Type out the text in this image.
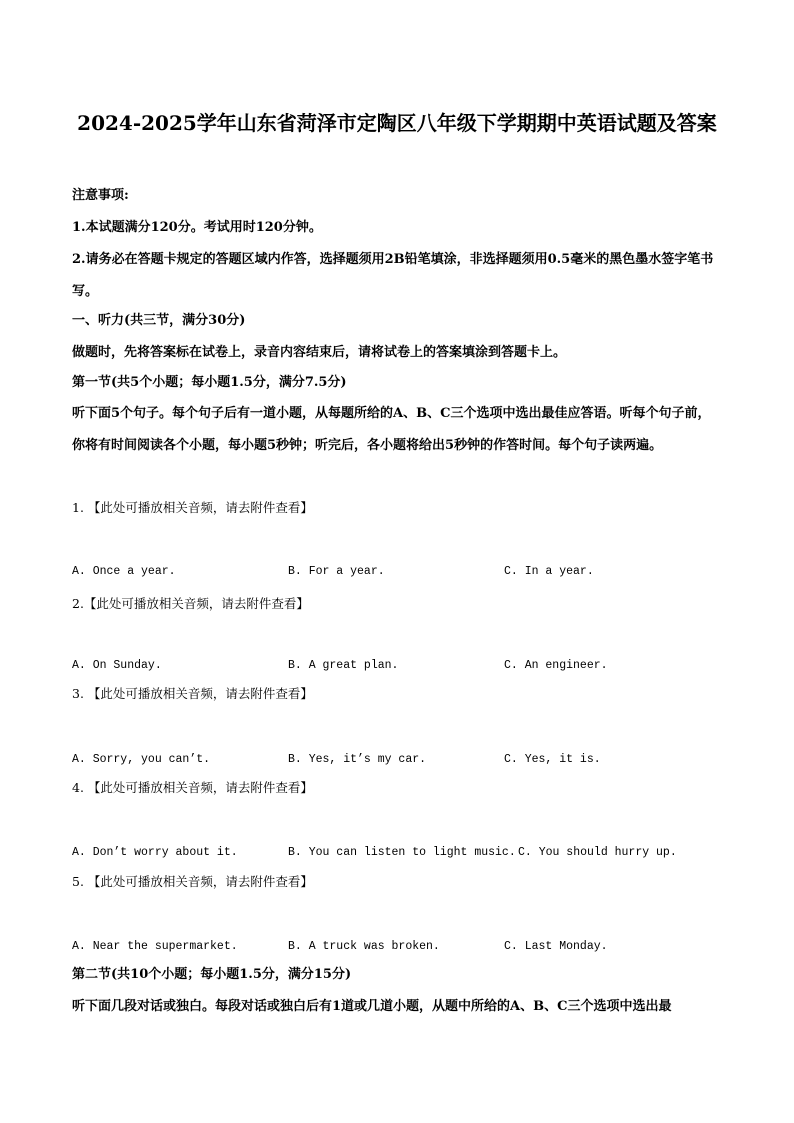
2024-2025学年山东省菏泽市定陶区八年级下学期期中英语试题及答案

注意事项:

1.本试题满分120分。考试用时120分钟。

2.请务必在答题卡规定的答题区域内作答，选择题须用2B铅笔填涂，非选择题须用0.5毫米的黑色墨水签字笔书写。

一、听力(共三节，满分30分)

做题时，先将答案标在试卷上，录音内容结束后，请将试卷上的答案填涂到答题卡上。

第一节(共5个小题；每小题1.5分，满分7.5分)

听下面5个句子。每个句子后有一道小题，从每题所给的A、B、C三个选项中选出最佳应答语。听每个句子前，你将有时间阅读各个小题，每小题5秒钟；听完后，各小题将给出5秒钟的作答时间。每个句子读两遍。

1. 【此处可播放相关音频，请去附件查看】

A. Once a year.	B. For a year.	C. In a year.

2.【此处可播放相关音频，请去附件查看】

A. On Sunday.	B. A great plan.	C. An engineer.

3. 【此处可播放相关音频，请去附件查看】

A. Sorry, you can’t.	B. Yes, it’s my car.	C. Yes, it is.

4. 【此处可播放相关音频，请去附件查看】

A. Don’t worry about it.	B. You can listen to light music. C. You should hurry up.

5. 【此处可播放相关音频，请去附件查看】

A. Near the supermarket.	B. A truck was broken.	C. Last Monday.

第二节(共10个小题；每小题1.5分，满分15分)

听下面几段对话或独白。每段对话或独白后有1道或几道小题，从题中所给的A、B、C三个选项中选出最
